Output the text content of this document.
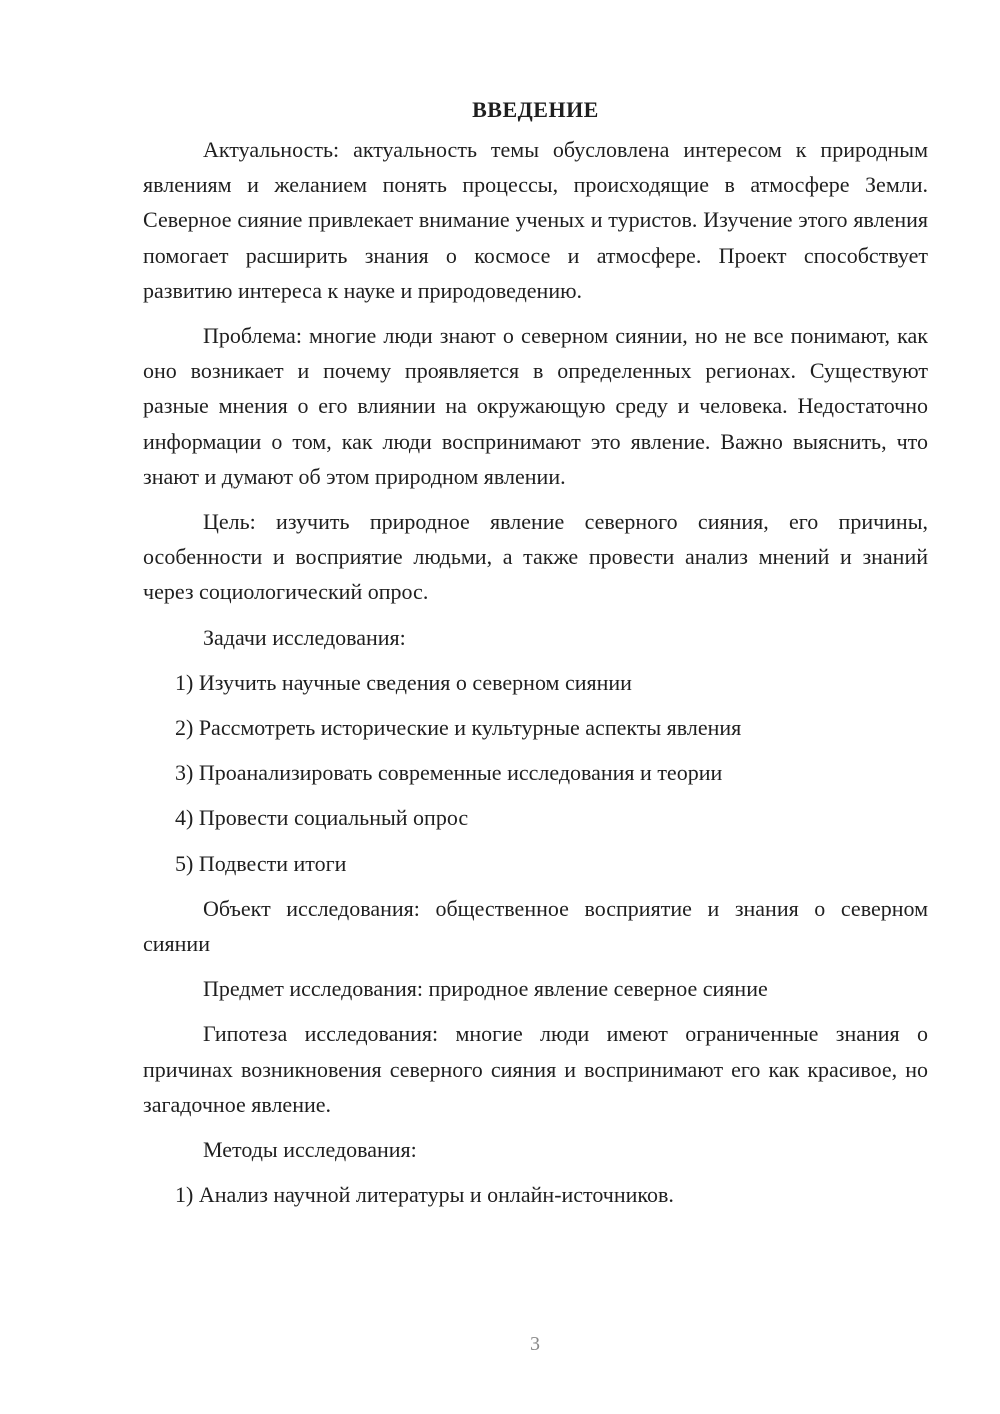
ВВЕДЕНИЕ

Актуальность: актуальность темы обусловлена интересом к природным явлениям и желанием понять процессы, происходящие в атмосфере Земли. Северное сияние привлекает внимание ученых и туристов. Изучение этого явления помогает расширить знания о космосе и атмосфере. Проект способствует развитию интереса к науке и природоведению.

Проблема: многие люди знают о северном сиянии, но не все понимают, как оно возникает и почему проявляется в определенных регионах. Существуют разные мнения о его влиянии на окружающую среду и человека. Недостаточно информации о том, как люди воспринимают это явление. Важно выяснить, что знают и думают об этом природном явлении.

Цель: изучить природное явление северного сияния, его причины, особенности и восприятие людьми, а также провести анализ мнений и знаний через социологический опрос.

Задачи исследования:

1) Изучить научные сведения о северном сиянии
2) Рассмотреть исторические и культурные аспекты явления
3) Проанализировать современные исследования и теории
4) Провести социальный опрос
5) Подвести итоги

Объект исследования: общественное восприятие и знания о северном сиянии

Предмет исследования: природное явление северное сияние

Гипотеза исследования: многие люди имеют ограниченные знания о причинах возникновения северного сияния и воспринимают его как красивое, но загадочное явление.

Методы исследования:

1) Анализ научной литературы и онлайн-источников.
3
